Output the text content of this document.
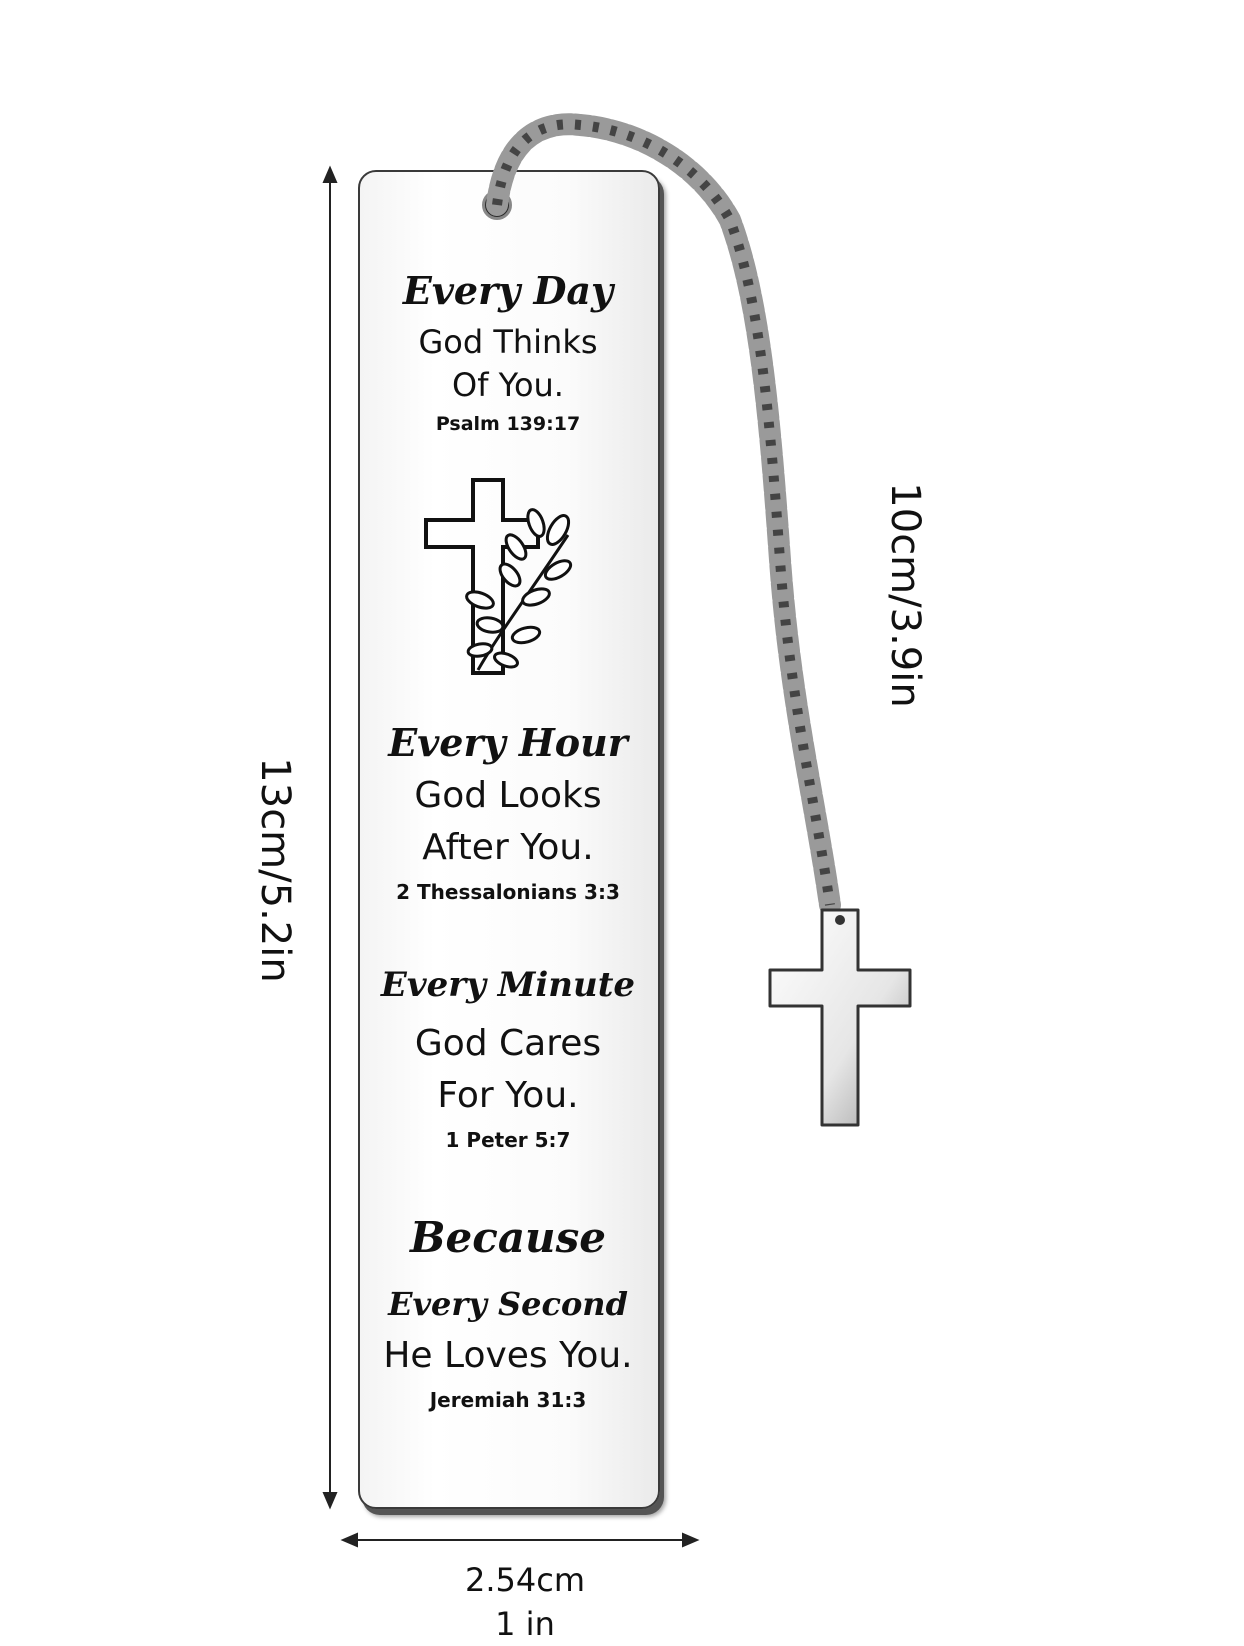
13cm/5.2in
10cm/3.9in
2.54cm
1 in
Every Day
God Thinks
Of You.
Psalm 139:17
Every Hour
God Looks
After You.
2 Thessalonians 3:3
Every Minute
God Cares
For You.
1 Peter 5:7
Because
Every Second
He Loves You.
Jeremiah 31:3
